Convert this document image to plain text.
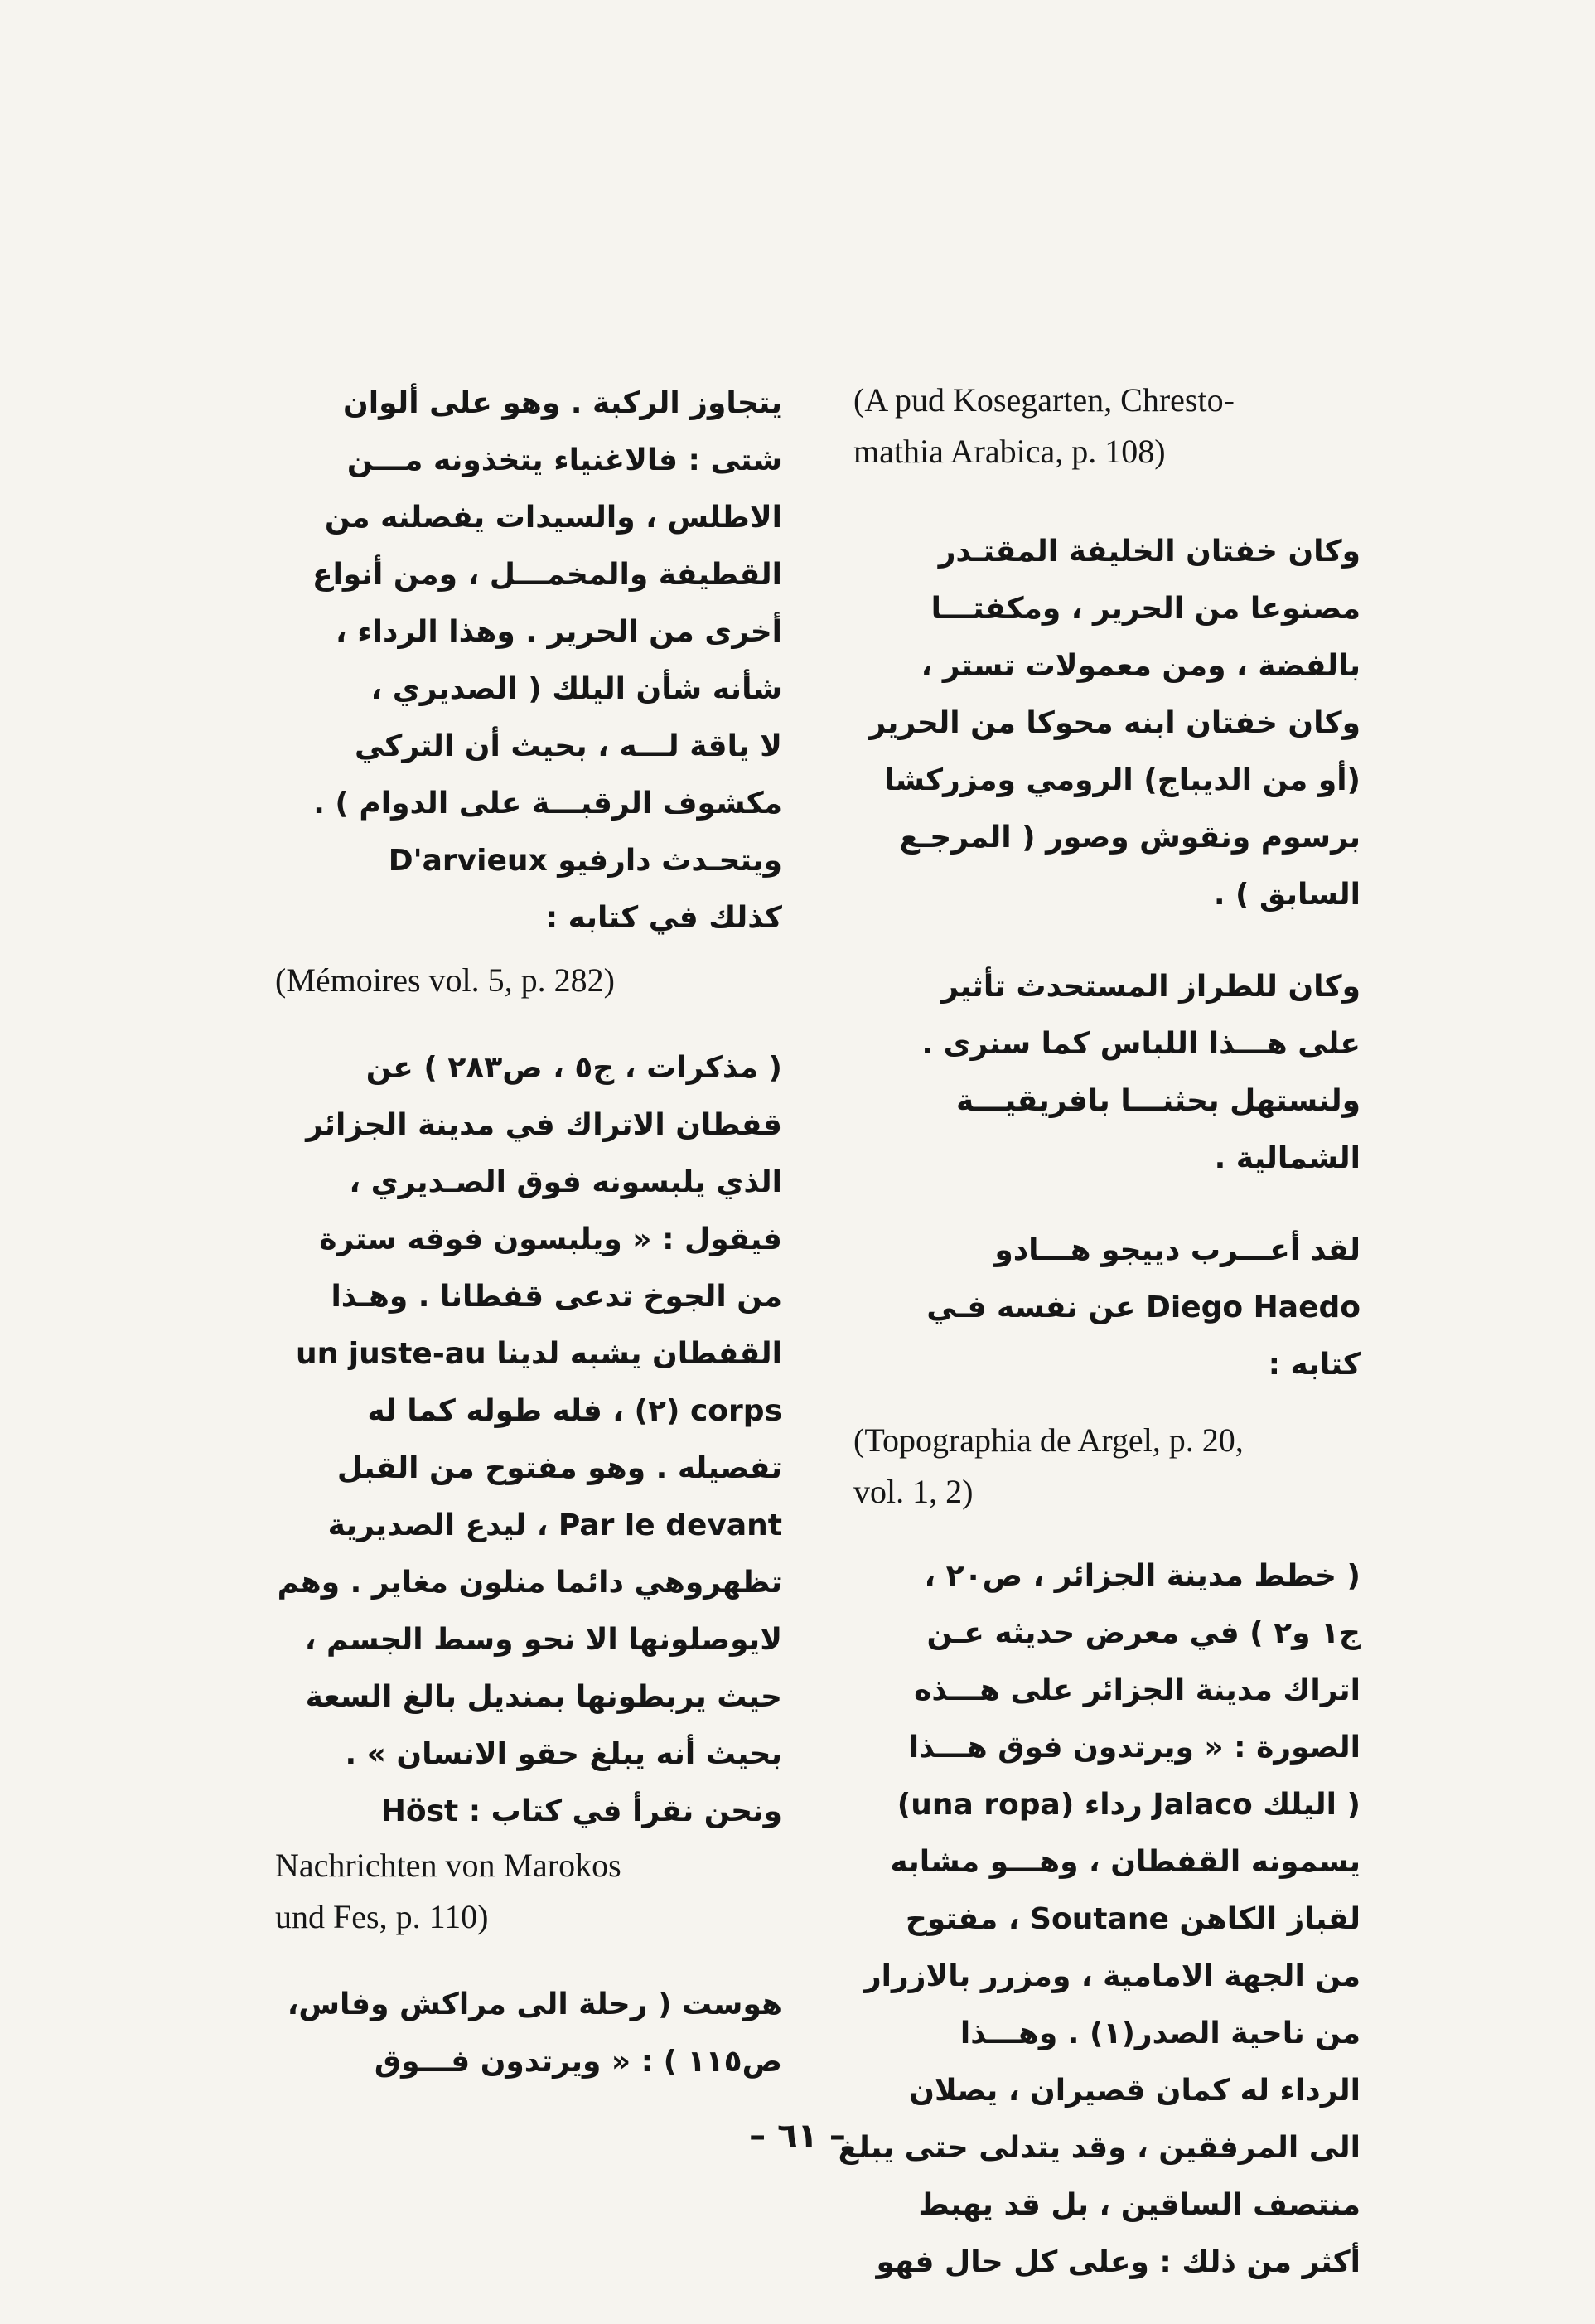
(A pud Kosegarten, Chresto-
mathia Arabica, p. 108)

وكان خفتان الخليفة المقتـدر
مصنوعا من الحرير ، ومكفتـــا
بالفضة ، ومن معمولات تستر ،
وكان خفتان ابنه محوكا من الحرير
(أو من الديباج) الرومي ومزركشا
برسوم ونقوش وصور ( المرجـع
السابق ) .

وكان للطراز المستحدث تأثير
على هـــذا اللباس كما سنرى .
ولنستهل بحثنـــا بافريقيـــة
الشمالية .

لقد أعـــرب دييجو هـــادو
Diego Haedo عن نفسه فـي
كتابه :

(Topographia de Argel, p. 20,
vol. 1, 2)

( خطط مدينة الجزائر ، ص٢٠ ،
ج١ و٢ ) في معرض حديثه عـن
اتراك مدينة الجزائر على هـــذه
الصورة : « ويرتدون فوق هـــذا
( اليلك Jalaco رداء (una ropa)
يسمونه القفطان ، وهـــو مشابه
لقباز الكاهن Soutane ، مفتوح
من الجهة الامامية ، ومزرر بالازرار
من ناحية الصدر(١) . وهـــذا
الرداء له كمان قصيران ، يصلان
الى المرفقين ، وقد يتدلى حتى يبلغ
منتصف الساقين ، بل قد يهبط
أكثر من ذلك : وعلى كل حال فهو

يتجاوز الركبة . وهو على ألوان
شتى : فالاغنياء يتخذونه مـــن
الاطلس ، والسيدات يفصلنه من
القطيفة والمخمـــل ، ومن أنواع
أخرى من الحرير . وهذا الرداء ،
شأنه شأن اليلك ( الصديري ،
لا ياقة لـــه ، بحيث أن التركي
مكشوف الرقبـــة على الدوام ) .
ويتحـدث دارفيو D'arvieux
كذلك في كتابه :

(Mémoires vol. 5, p. 282)

( مذكرات ، ج٥ ، ص٢٨٣ ) عن
قفطان الاتراك في مدينة الجزائر
الذي يلبسونه فوق الصـديري ،
فيقول : « ويلبسون فوقه سترة
من الجوخ تدعى قفطانا . وهـذا
القفطان يشبه لدينا un juste-au
corps (٢) ، فله طوله كما له
تفصيله . وهو مفتوح من القبل
Par le devant ، ليدع الصديرية
تظهروهي دائما منلون مغاير . وهم
لايوصلونها الا نحو وسط الجسم ،
حيث يربطونها بمنديل بالغ السعة
بحيث أنه يبلغ حقو الانسان » .
ونحن نقرأ في كتاب : Höst

Nachrichten von Marokos
und Fes, p. 110)

هوست ( رحلة الى مراكش وفاس،
ص١١٥ ) : « ويرتدون فـــوق

– ٦١ –
